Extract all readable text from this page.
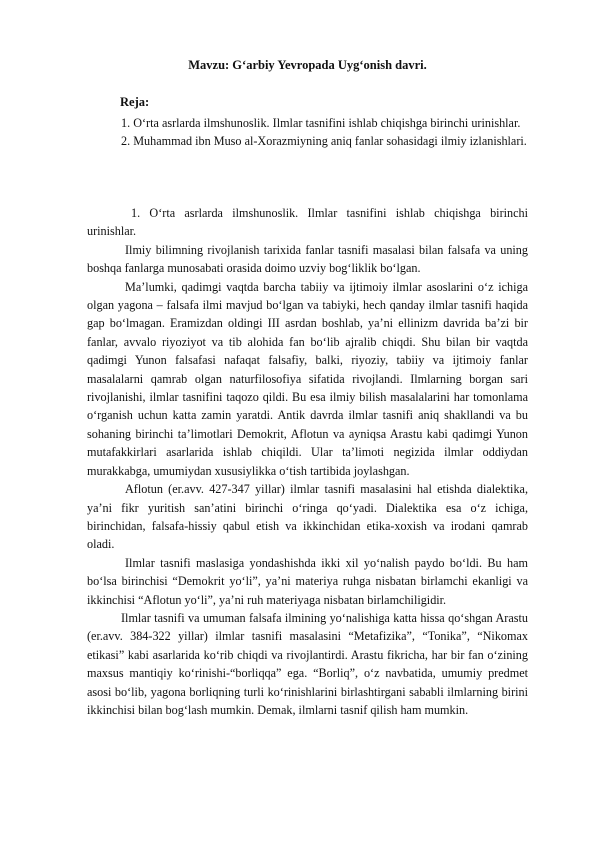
Mavzu: G‘arbiy Yevropada Uyg‘onish davri.
Reja:

1. O‘rta asrlarda ilmshunoslik. Ilmlar tasnifini ishlab chiqishga birinchi urinishlar.

2. Muhammad ibn Muso al-Xorazmiyning aniq fanlar sohasidagi ilmiy izlanishlari.

1. O‘rta asrlarda ilmshunoslik. Ilmlar tasnifini ishlab chiqishga birinchi urinishlar.

Ilmiy bilimning rivojlanish tarixida fanlar tasnifi masalasi bilan falsafa va uning boshqa fanlarga munosabati orasida doimo uzviy bog‘liklik bo‘lgan.

Ma’lumki, qadimgi vaqtda barcha tabiiy va ijtimoiy ilmlar asoslarini o‘z ichiga olgan yagona – falsafa ilmi mavjud bo‘lgan va tabiyki, hech qanday ilmlar tasnifi haqida gap bo‘lmagan. Eramizdan oldingi III asrdan boshlab, ya’ni ellinizm davrida ba’zi bir fanlar, avvalo riyoziyot va tib alohida fan bo‘lib ajralib chiqdi. Shu bilan bir vaqtda qadimgi Yunon falsafasi nafaqat falsafiy, balki, riyoziy, tabiiy va ijtimoiy fanlar masalalarni qamrab olgan naturfilosofiya sifatida rivojlandi. Ilmlarning borgan sari rivojlanishi, ilmlar tasnifini taqozo qildi. Bu esa ilmiy bilish masalalarini har tomonlama o‘rganish uchun katta zamin yaratdi. Antik davrda ilmlar tasnifi aniq shakllandi va bu sohaning birinchi ta’limotlari Demokrit, Aflotun va ayniqsa Arastu kabi qadimgi Yunon mutafakkirlari asarlarida ishlab chiqildi. Ular ta’limoti negizida ilmlar oddiydan murakkabga, umumiydan xususiylikka o‘tish tartibida joylashgan.

Aflotun (er.avv. 427-347 yillar) ilmlar tasnifi masalasini hal etishda dialektika, ya’ni fikr yuritish san’atini birinchi o‘ringa qo‘yadi. Dialektika esa o‘z ichiga, birinchidan, falsafa-hissiy qabul etish va ikkinchidan etika-xoxish va irodani qamrab oladi.

Ilmlar tasnifi maslasiga yondashishda ikki xil yo‘nalish paydo bo‘ldi. Bu ham bo‘lsa birinchisi “Demokrit yo‘li”, ya’ni materiya ruhga nisbatan birlamchi ekanligi va ikkinchisi “Aflotun yo‘li”, ya’ni ruh materiyaga nisbatan birlamchiligidir.

Ilmlar tasnifi va umuman falsafa ilmining yo‘nalishiga katta hissa qo‘shgan Arastu (er.avv. 384-322 yillar) ilmlar tasnifi masalasini “Metafizika”, “Tonika”, “Nikomax etikasi” kabi asarlarida ko‘rib chiqdi va rivojlantirdi. Arastu fikricha, har bir fan o‘zining maxsus mantiqiy ko‘rinishi-“borliqqa” ega. “Borliq”, o‘z navbatida, umumiy predmet asosi bo‘lib, yagona borliqning turli ko‘rinishlarini birlashtirgani sababli ilmlarning birini ikkinchisi bilan bog‘lash mumkin. Demak, ilmlarni tasnif qilish ham mumkin.
